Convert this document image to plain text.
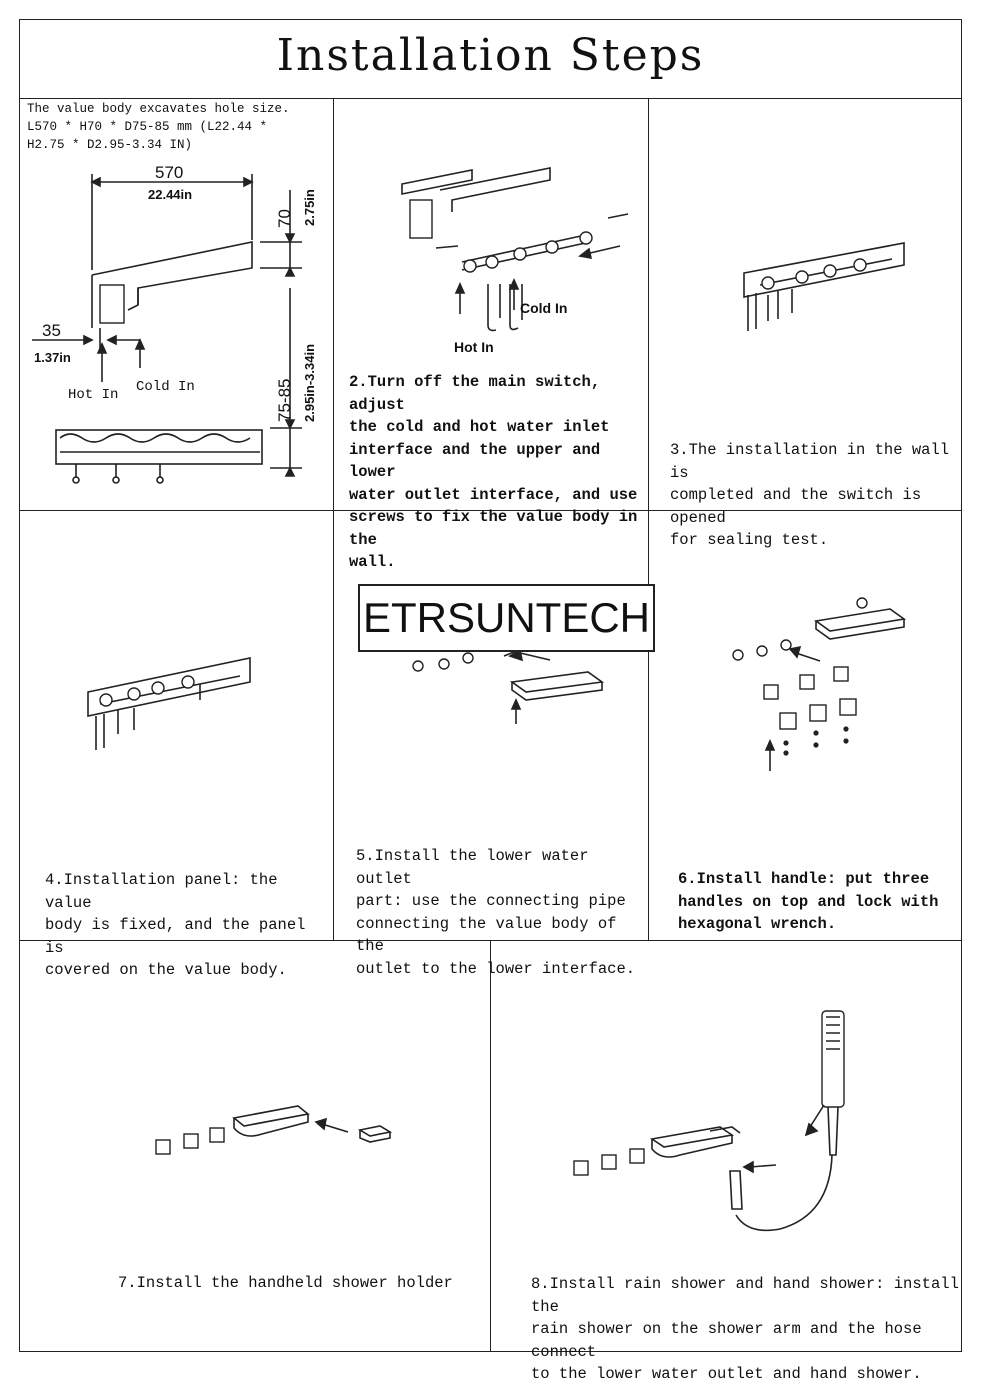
Installation Steps
The value body excavates hole size.
L570 * H70 * D75-85 mm (L22.44 *
H2.75 * D2.95-3.34 IN)
570
22.44in
70 2.75in
35
1.37in
75-85 2.95in-3.34in
Hot In Cold In
Cold In
Hot In
2.Turn off the main switch, adjust
the cold and hot water inlet
interface and the upper and lower
water outlet interface, and use
screws to fix the value body in the
wall.
3.The installation in the wall is
completed and the switch is opened
for sealing test.
4.Installation panel: the value
body is fixed, and the panel is
covered on the value body.
ETRSUNTECH
5.Install the lower water outlet
part: use the connecting pipe
connecting the value body of the
outlet to the lower interface.
6.Install handle: put three
handles on top and lock with
hexagonal wrench.
7.Install the handheld shower holder	8.Install rain shower and hand shower: install the
rain shower on the shower arm and the hose connect
to the lower water outlet and hand shower.
